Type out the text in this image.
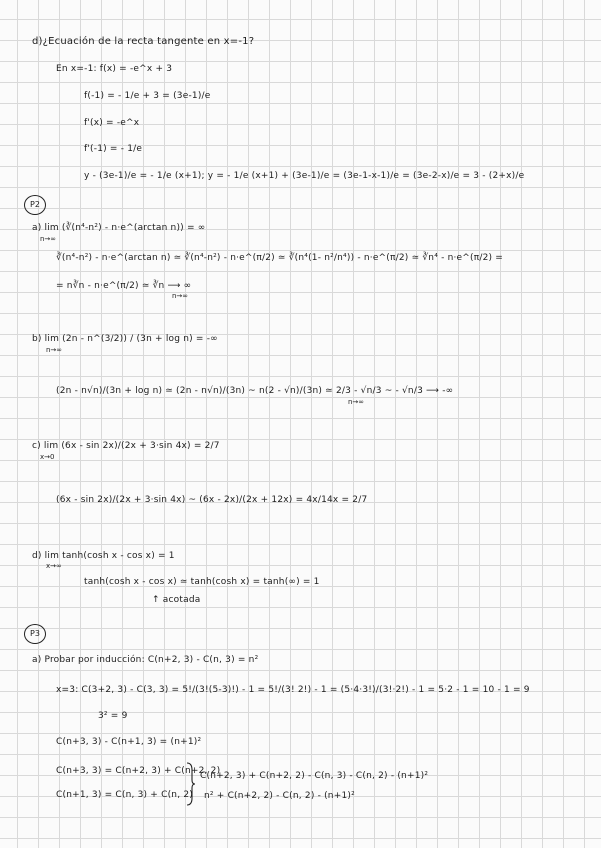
d)¿Ecuación de la recta tangente en x=-1?
En x=-1: f(x) = -e^x + 3
f(-1) = - 1/e + 3 = (3e-1)/e
f'(x) = -e^x
f'(-1) = - 1/e
y - (3e-1)/e = - 1/e (x+1); y = - 1/e (x+1) + (3e-1)/e = (3e-1-x-1)/e = (3e-2-x)/e = 3 - (2+x)/e
P2
a) lim (∛(n⁴-n²) - n·e^(arctan n)) = ∞
n→∞
∛(n⁴-n²) - n·e^(arctan n) ≃ ∛(n⁴-n²) - n·e^(π/2) ≃ ∛(n⁴(1- n²/n⁴)) - n·e^(π/2) ≃ ∛n⁴ - n·e^(π/2) =
= n∛n - n·e^(π/2) ≃ ∛n ⟶ ∞
n→∞
b) lim (2n - n^(3/2)) / (3n + log n) = -∞
n→∞
(2n - n√n)/(3n + log n) ≃ (2n - n√n)/(3n) ~ n(2 - √n)/(3n) ≃ 2/3 - √n/3 ~ - √n/3 ⟶ -∞
n→∞
c) lim (6x - sin 2x)/(2x + 3·sin 4x) = 2/7
x→0
(6x - sin 2x)/(2x + 3·sin 4x) ~ (6x - 2x)/(2x + 12x) = 4x/14x = 2/7
d) lim tanh(cosh x - cos x) = 1
x→∞
tanh(cosh x - cos x) ≃ tanh(cosh x) = tanh(∞) = 1
↑ acotada
P3
a) Probar por inducción: C(n+2, 3) - C(n, 3) = n²
x=3: C(3+2, 3) - C(3, 3) = 5!/(3!(5-3)!) - 1 = 5!/(3! 2!) - 1 = (5·4·3!)/(3!·2!) - 1 = 5·2 - 1 = 10 - 1 = 9
3² = 9
C(n+3, 3) - C(n+1, 3) = (n+1)²
C(n+3, 3) = C(n+2, 3) + C(n+2, 2)
C(n+1, 3) = C(n, 3) + C(n, 2)
C(n+2, 3) + C(n+2, 2) - C(n, 3) - C(n, 2) - (n+1)²
n² + C(n+2, 2) - C(n, 2) - (n+1)²
